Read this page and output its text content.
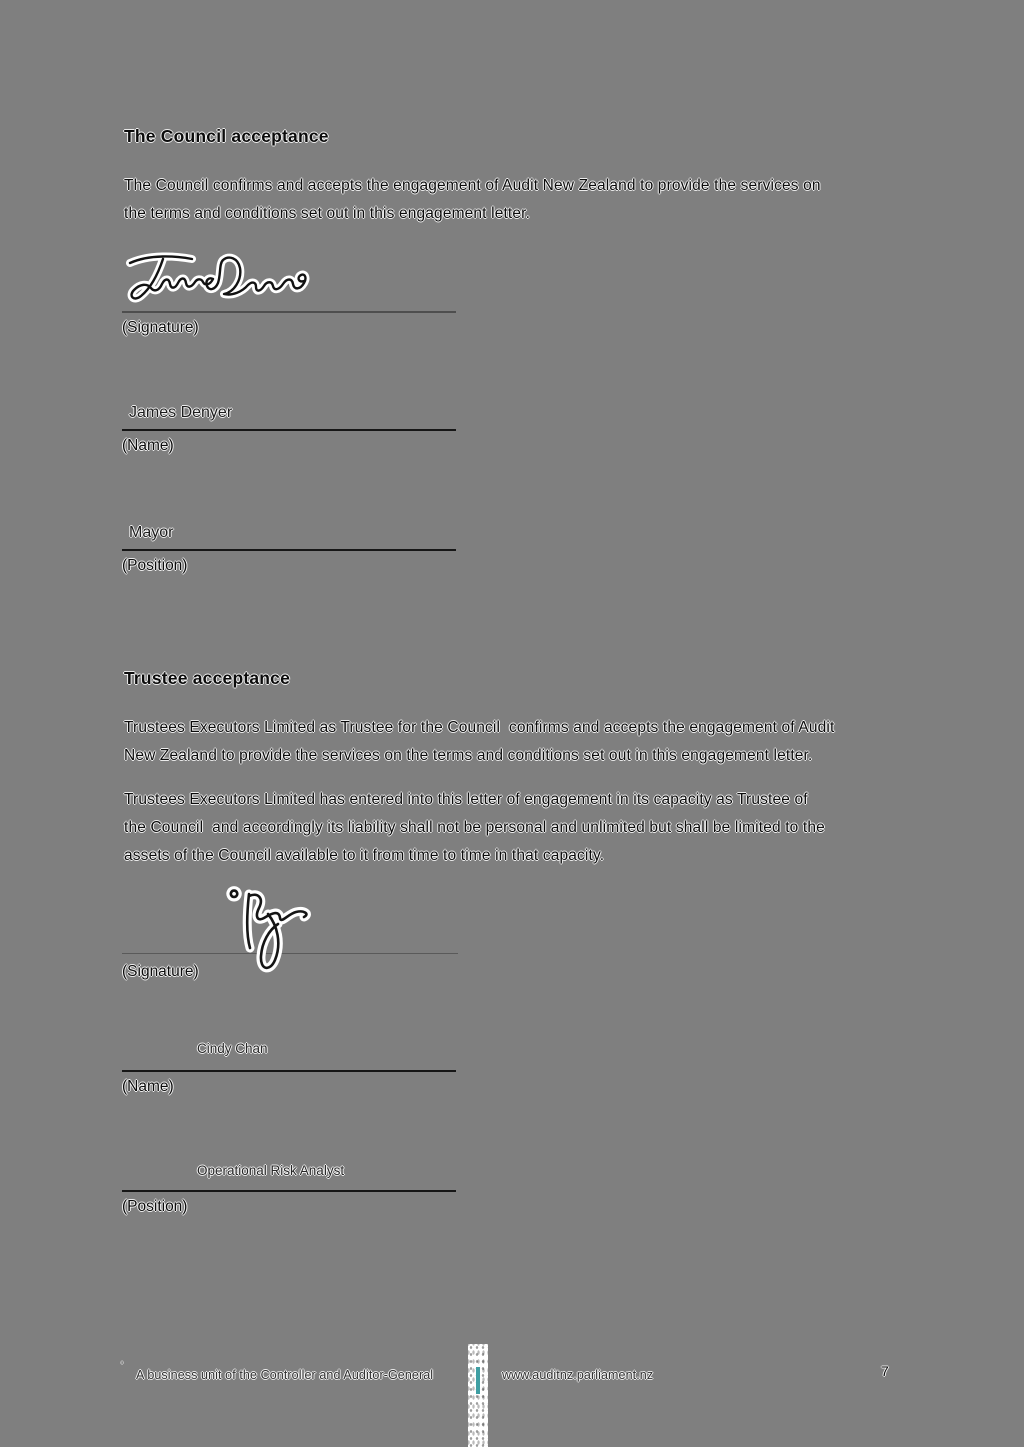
The Council acceptance
The Council confirms and accepts the engagement of Audit New Zealand to provide the services on
the terms and conditions set out in this engagement letter.
(Signature)
James Denyer
(Name)
Mayor
(Position)
Trustee acceptance
Trustees Executors Limited as Trustee for the Council  confirms and accepts the engagement of Audit
New Zealand to provide the services on the terms and conditions set out in this engagement letter.
Trustees Executors Limited has entered into this letter of engagement in its capacity as Trustee of
the Council  and accordingly its liability shall not be personal and unlimited but shall be limited to the
assets of the Council available to it from time to time in that capacity.
(Signature)
Cindy Chan
(Name)
Operational Risk Analyst
(Position)
'
A business unit of the Controller and Auditor-General	www.auditnz.parliament.nz	7
